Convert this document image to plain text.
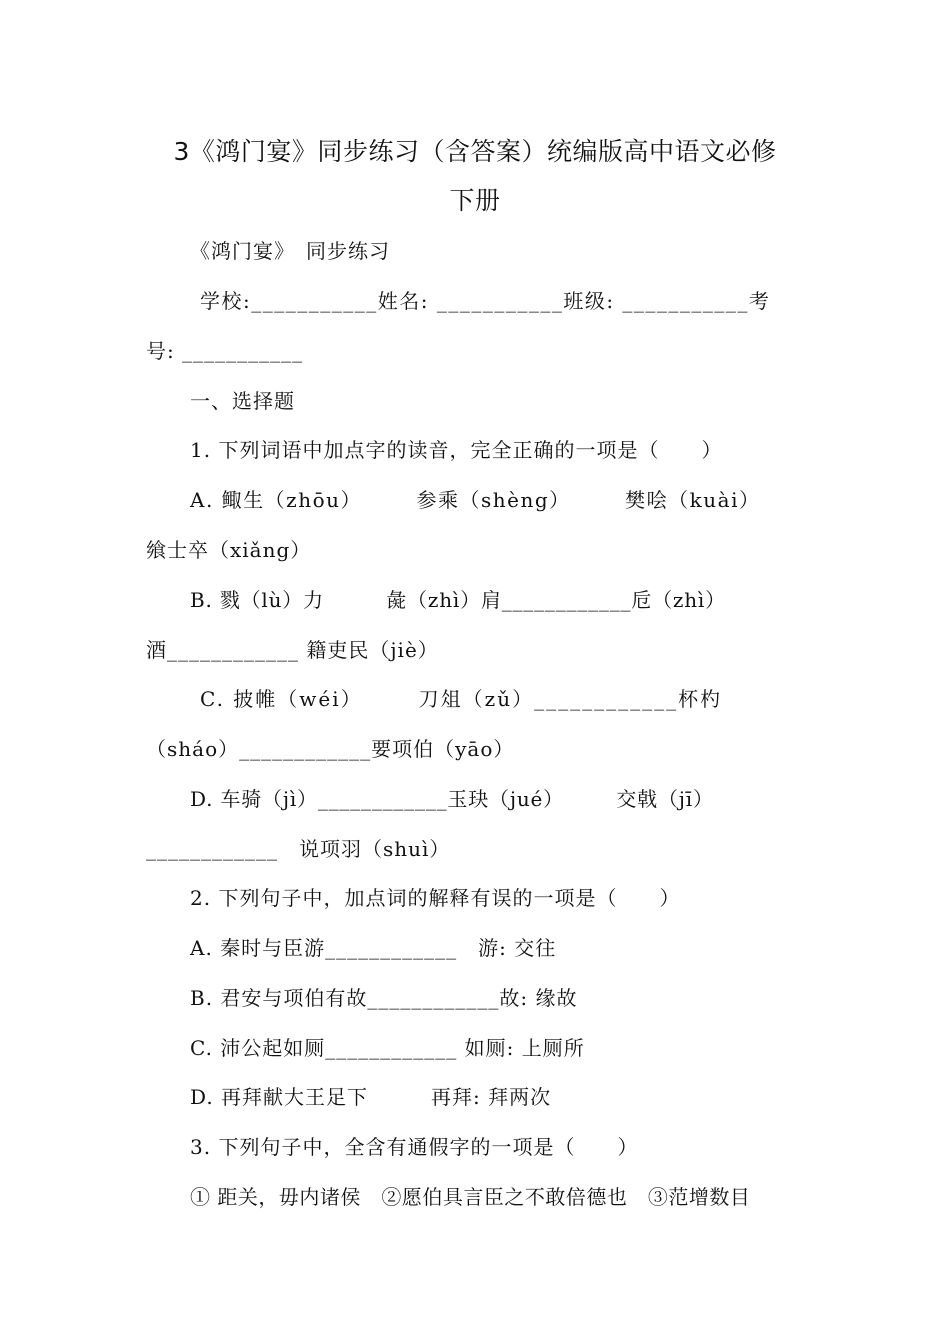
3《鸿门宴》同步练习（含答案）统编版高中语文必修
下册
《鸿门宴》　同步练习
学校:___________姓名: ___________班级: ___________考
号: ___________
一、选择题
1. 下列词语中加点字的读音，完全正确的一项是（　　）
A. 鲰生（zhōu）　　　参乘（shèng）　　　樊哙（kuài）
飨士卒（xiǎng）
B. 戮（lù）力　　　彘（zhì）肩____________卮（zhì）
酒____________ 籍吏民（jiè）
C. 披帷（wéi）　　　刀俎（zǔ）____________杯杓
（sháo）____________要项伯（yāo）
D. 车骑（jì）____________玉玦（jué）　　　交戟（jī）
____________　说项羽（shuì）
2. 下列句子中，加点词的解释有误的一项是（　　）
A. 秦时与臣游____________　游: 交往
B. 君安与项伯有故____________故: 缘故
C. 沛公起如厕____________ 如厕: 上厕所
D. 再拜献大王足下　　　再拜: 拜两次
3. 下列句子中，全含有通假字的一项是（　　）
① 距关，毋内诸侯　②愿伯具言臣之不敢倍德也　③范增数目
